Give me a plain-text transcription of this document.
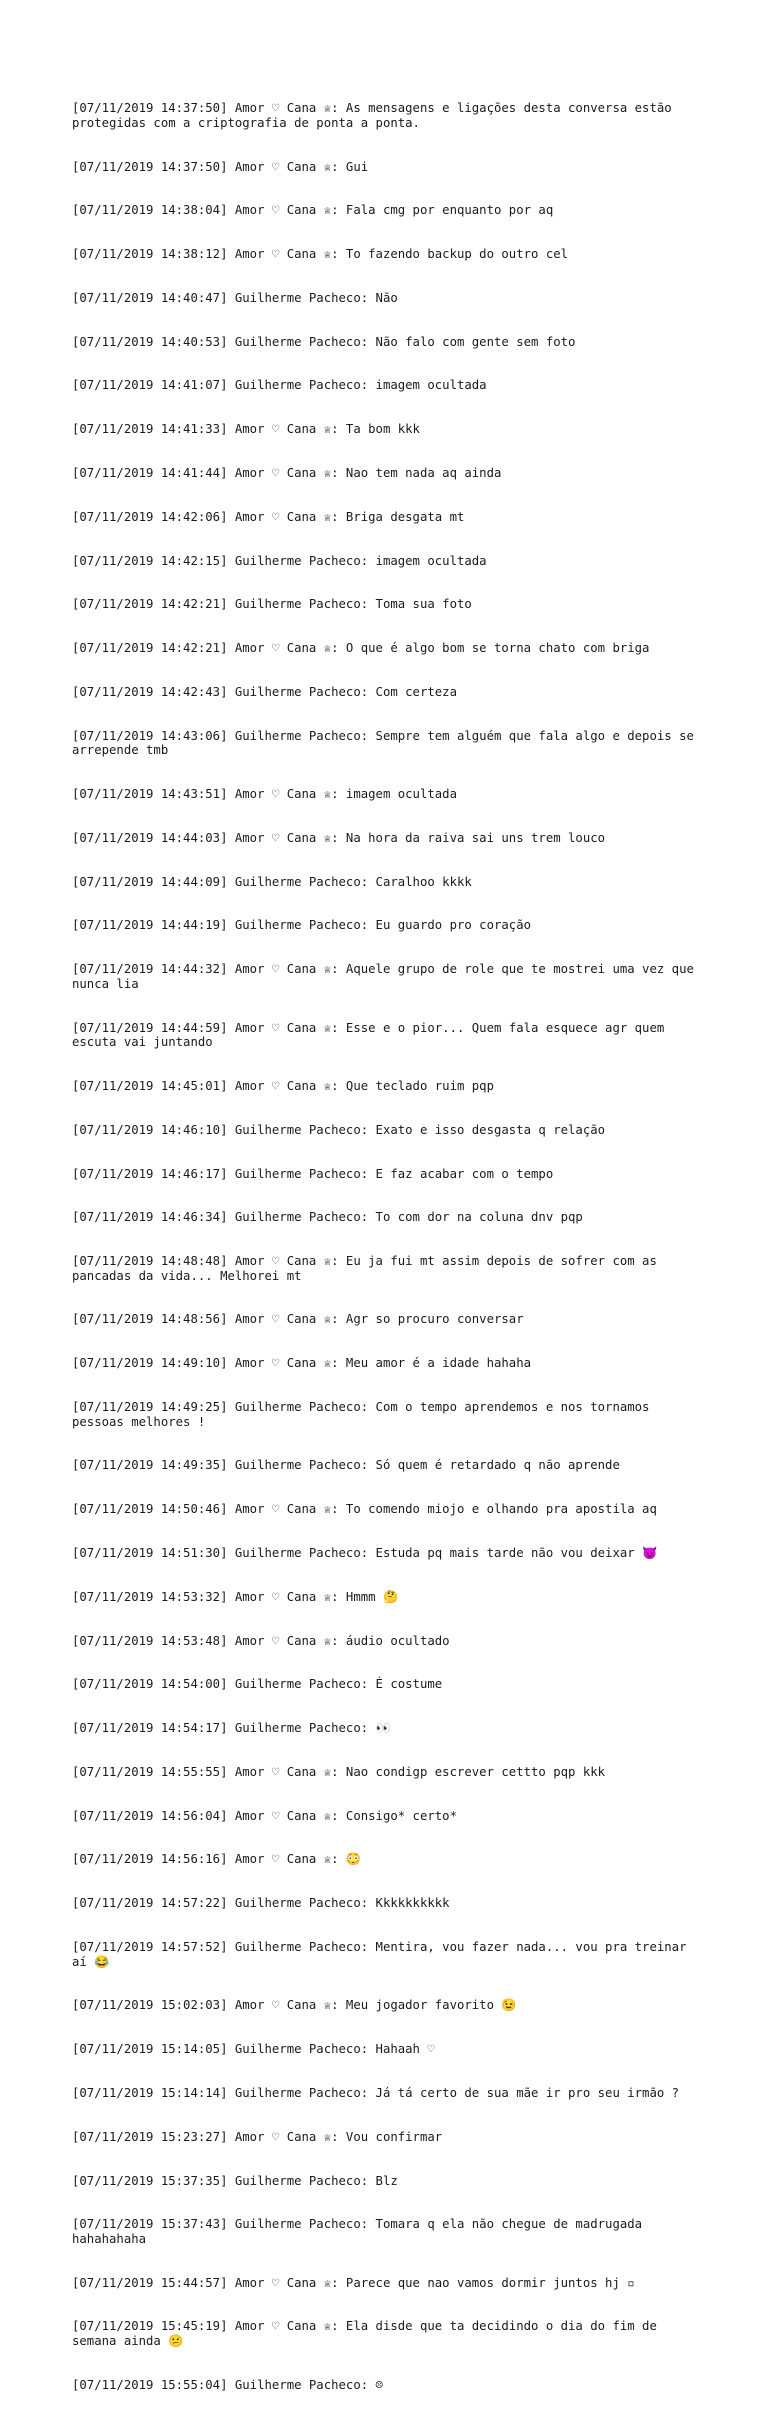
[07/11/2019 14:37:50] Amor ♡ Cana ♕: As mensagens e ligações desta conversa estão protegidas com a criptografia de ponta a ponta.

[07/11/2019 14:37:50] Amor ♡ Cana ♕: Gui

[07/11/2019 14:38:04] Amor ♡ Cana ♕: Fala cmg por enquanto por aq

[07/11/2019 14:38:12] Amor ♡ Cana ♕: To fazendo backup do outro cel

[07/11/2019 14:40:47] Guilherme Pacheco: Não

[07/11/2019 14:40:53] Guilherme Pacheco: Não falo com gente sem foto

[07/11/2019 14:41:07] Guilherme Pacheco: imagem ocultada

[07/11/2019 14:41:33] Amor ♡ Cana ♕: Ta bom kkk

[07/11/2019 14:41:44] Amor ♡ Cana ♕: Nao tem nada aq ainda

[07/11/2019 14:42:06] Amor ♡ Cana ♕: Briga desgata mt

[07/11/2019 14:42:15] Guilherme Pacheco: imagem ocultada

[07/11/2019 14:42:21] Guilherme Pacheco: Toma sua foto

[07/11/2019 14:42:21] Amor ♡ Cana ♕: O que é algo bom se torna chato com briga

[07/11/2019 14:42:43] Guilherme Pacheco: Com certeza

[07/11/2019 14:43:06] Guilherme Pacheco: Sempre tem alguém que fala algo e depois se arrepende tmb

[07/11/2019 14:43:51] Amor ♡ Cana ♕: imagem ocultada

[07/11/2019 14:44:03] Amor ♡ Cana ♕: Na hora da raiva sai uns trem louco

[07/11/2019 14:44:09] Guilherme Pacheco: Caralhoo kkkk

[07/11/2019 14:44:19] Guilherme Pacheco: Eu guardo pro coração

[07/11/2019 14:44:32] Amor ♡ Cana ♕: Aquele grupo de role que te mostrei uma vez que nunca lia

[07/11/2019 14:44:59] Amor ♡ Cana ♕: Esse e o pior... Quem fala esquece agr quem escuta vai juntando

[07/11/2019 14:45:01] Amor ♡ Cana ♕: Que teclado ruim pqp

[07/11/2019 14:46:10] Guilherme Pacheco: Exato e isso desgasta q relação

[07/11/2019 14:46:17] Guilherme Pacheco: E faz acabar com o tempo

[07/11/2019 14:46:34] Guilherme Pacheco: To com dor na coluna dnv pqp

[07/11/2019 14:48:48] Amor ♡ Cana ♕: Eu ja fui mt assim depois de sofrer com as pancadas da vida... Melhorei mt

[07/11/2019 14:48:56] Amor ♡ Cana ♕: Agr so procuro conversar

[07/11/2019 14:49:10] Amor ♡ Cana ♕: Meu amor é a idade hahaha

[07/11/2019 14:49:25] Guilherme Pacheco: Com o tempo aprendemos e nos tornamos pessoas melhores !

[07/11/2019 14:49:35] Guilherme Pacheco: Só quem é retardado q não aprende

[07/11/2019 14:50:46] Amor ♡ Cana ♕: To comendo miojo e olhando pra apostila aq

[07/11/2019 14:51:30] Guilherme Pacheco: Estuda pq mais tarde não vou deixar 😈

[07/11/2019 14:53:32] Amor ♡ Cana ♕: Hmmm 🤔

[07/11/2019 14:53:48] Amor ♡ Cana ♕: áudio ocultado

[07/11/2019 14:54:00] Guilherme Pacheco: É costume

[07/11/2019 14:54:17] Guilherme Pacheco: 👀

[07/11/2019 14:55:55] Amor ♡ Cana ♕: Nao condigp escrever cettto pqp kkk

[07/11/2019 14:56:04] Amor ♡ Cana ♕: Consigo* certo*

[07/11/2019 14:56:16] Amor ♡ Cana ♕: 😳

[07/11/2019 14:57:22] Guilherme Pacheco: Kkkkkkkkkk

[07/11/2019 14:57:52] Guilherme Pacheco: Mentira, vou fazer nada... vou pra treinar aí 😂

[07/11/2019 15:02:03] Amor ♡ Cana ♕: Meu jogador favorito 😉

[07/11/2019 15:14:05] Guilherme Pacheco: Hahaah ♡

[07/11/2019 15:14:14] Guilherme Pacheco: Já tá certo de sua mãe ir pro seu irmão ?

[07/11/2019 15:23:27] Amor ♡ Cana ♕: Vou confirmar

[07/11/2019 15:37:35] Guilherme Pacheco: Blz

[07/11/2019 15:37:43] Guilherme Pacheco: Tomara q ela não chegue de madrugada hahahahaha

[07/11/2019 15:44:57] Amor ♡ Cana ♕: Parece que nao vamos dormir juntos hj ▫

[07/11/2019 15:45:19] Amor ♡ Cana ♕: Ela disde que ta decidindo o dia do fim de semana ainda 😕

[07/11/2019 15:55:04] Guilherme Pacheco: ☹
